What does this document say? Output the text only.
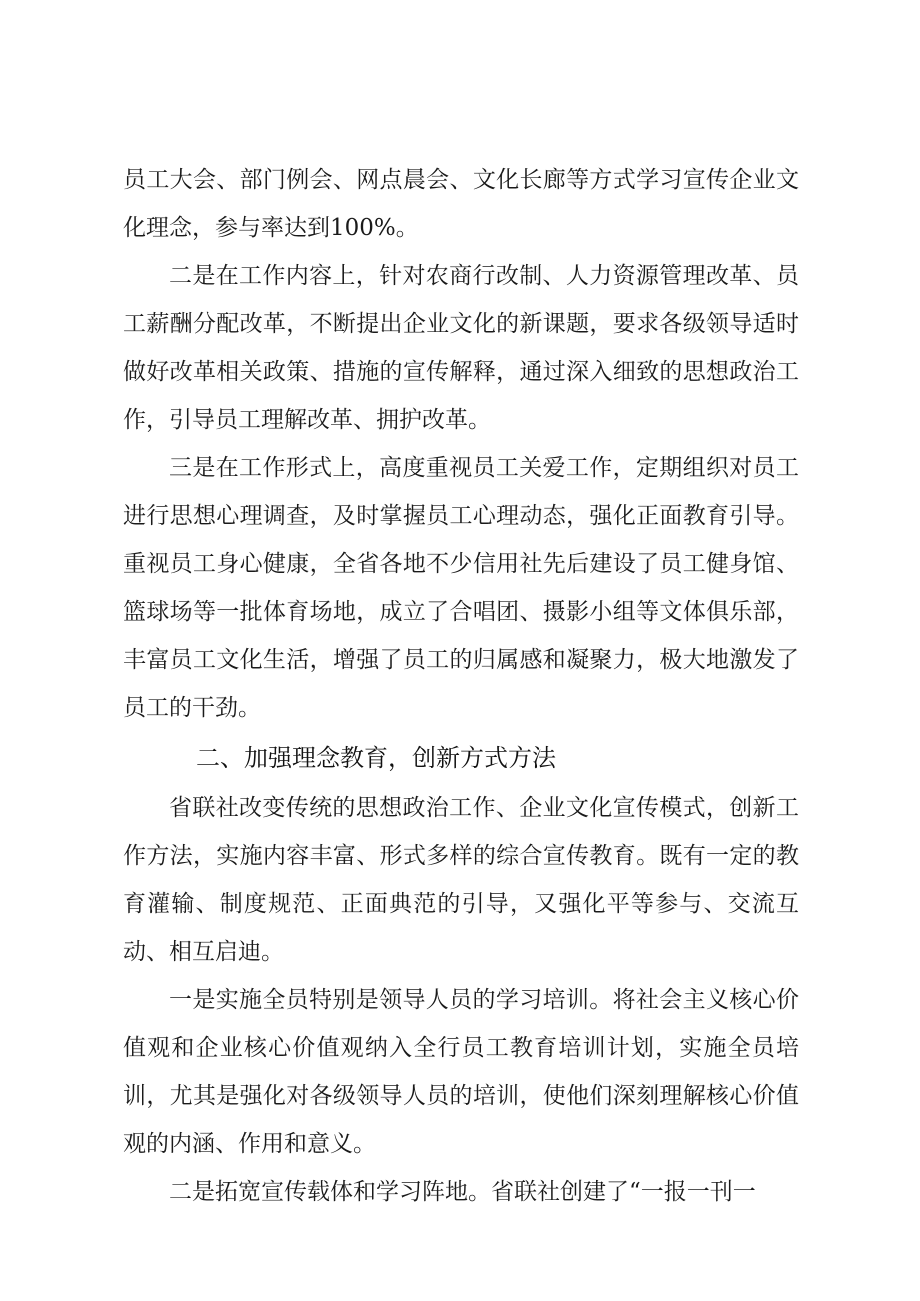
员工大会、部门例会、网点晨会、文化长廊等方式学习宣传企业文化理念，参与率达到100%。

二是在工作内容上，针对农商行改制、人力资源管理改革、员工薪酬分配改革，不断提出企业文化的新课题，要求各级领导适时做好改革相关政策、措施的宣传解释，通过深入细致的思想政治工作，引导员工理解改革、拥护改革。

三是在工作形式上，高度重视员工关爱工作，定期组织对员工进行思想心理调查，及时掌握员工心理动态，强化正面教育引导。重视员工身心健康，全省各地不少信用社先后建设了员工健身馆、篮球场等一批体育场地，成立了合唱团、摄影小组等文体俱乐部，丰富员工文化生活，增强了员工的归属感和凝聚力，极大地激发了员工的干劲。

二、加强理念教育，创新方式方法

省联社改变传统的思想政治工作、企业文化宣传模式，创新工作方法，实施内容丰富、形式多样的综合宣传教育。既有一定的教育灌输、制度规范、正面典范的引导，又强化平等参与、交流互动、相互启迪。

一是实施全员特别是领导人员的学习培训。将社会主义核心价值观和企业核心价值观纳入全行员工教育培训计划，实施全员培训，尤其是强化对各级领导人员的培训，使他们深刻理解核心价值观的内涵、作用和意义。

二是拓宽宣传载体和学习阵地。省联社创建了“一报一刊一
